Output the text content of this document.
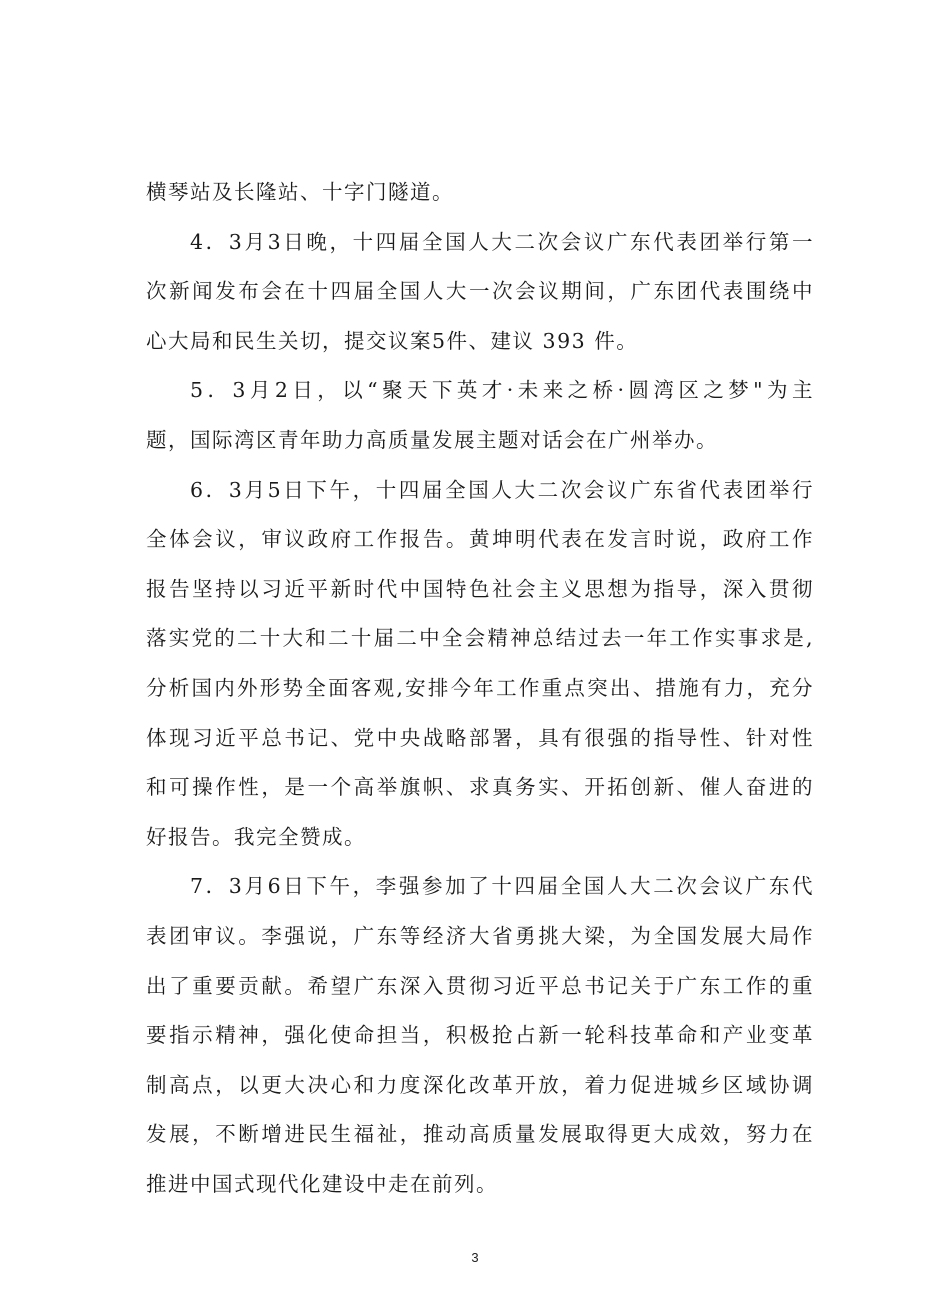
横琴站及长隆站、十字门隧道。
4．3月3日晚，十四届全国人大二次会议广东代表团举行第一
次新闻发布会在十四届全国人大一次会议期间，广东团代表围绕中
心大局和民生关切，提交议案5件、建议 393 件。
5．3月2日，以“聚天下英才·未来之桥·圆湾区之梦"为主
题，国际湾区青年助力高质量发展主题对话会在广州举办。
6．3月5日下午，十四届全国人大二次会议广东省代表团举行
全体会议，审议政府工作报告。黄坤明代表在发言时说，政府工作
报告坚持以习近平新时代中国特色社会主义思想为指导，深入贯彻
落实党的二十大和二十届二中全会精神总结过去一年工作实事求是,
分析国内外形势全面客观,安排今年工作重点突出、措施有力，充分
体现习近平总书记、党中央战略部署，具有很强的指导性、针对性
和可操作性，是一个高举旗帜、求真务实、开拓创新、催人奋进的
好报告。我完全赞成。
7．3月6日下午，李强参加了十四届全国人大二次会议广东代
表团审议。李强说，广东等经济大省勇挑大梁，为全国发展大局作
出了重要贡献。希望广东深入贯彻习近平总书记关于广东工作的重
要指示精神，强化使命担当，积极抢占新一轮科技革命和产业变革
制高点，以更大决心和力度深化改革开放，着力促进城乡区域协调
发展，不断增进民生福祉，推动高质量发展取得更大成效，努力在
推进中国式现代化建设中走在前列。
3
